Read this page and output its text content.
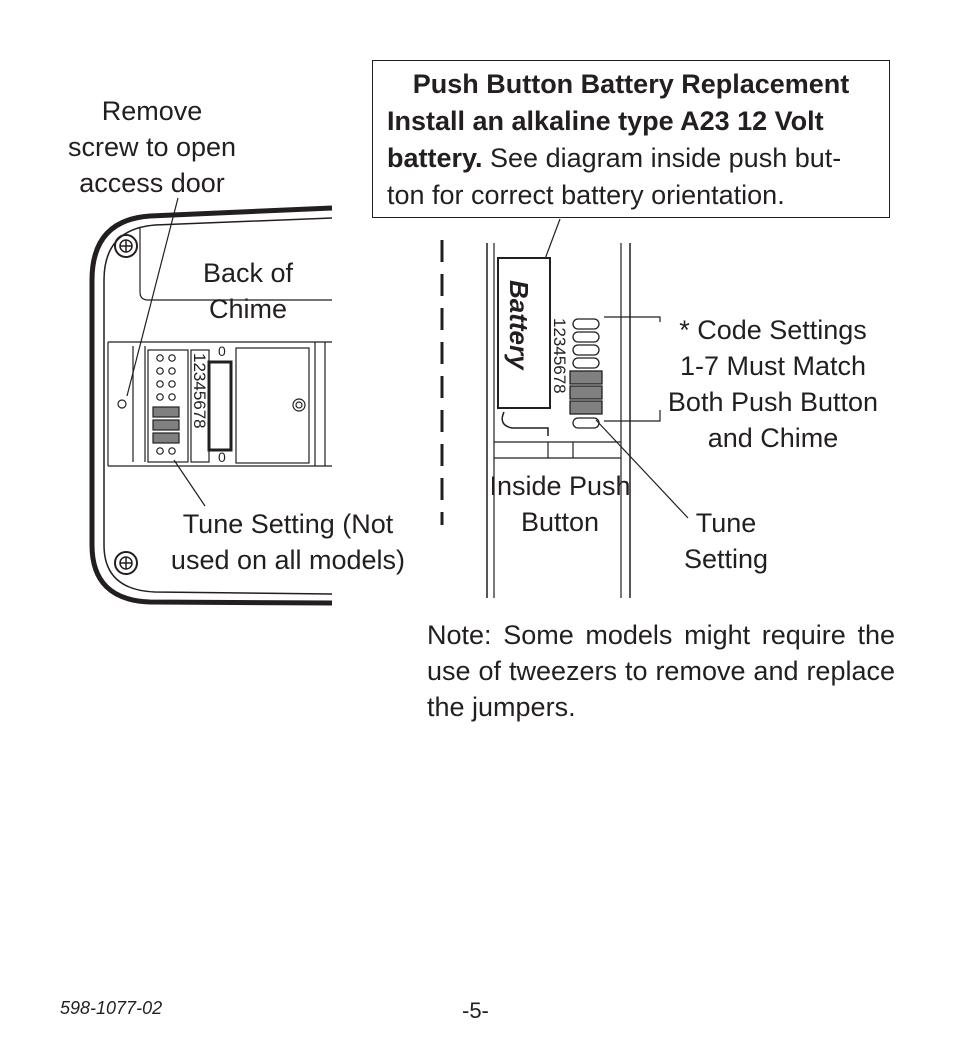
0
0
12345678
Battery 12345678
Remove
screw to open
access door
Back of
Chime
Tune Setting (Not
used on all models)
Push Button Battery Replacement
Install an alkaline type A23 12 Volt
battery. See diagram inside push but-
ton for correct battery orientation.
* Code Settings
1-7 Must Match
Both Push Button
and Chime
Inside Push
Button	Tune
Setting
Note: Some models might require the use of tweezers to remove and replace the jumpers.
598-1077-02	-5-
